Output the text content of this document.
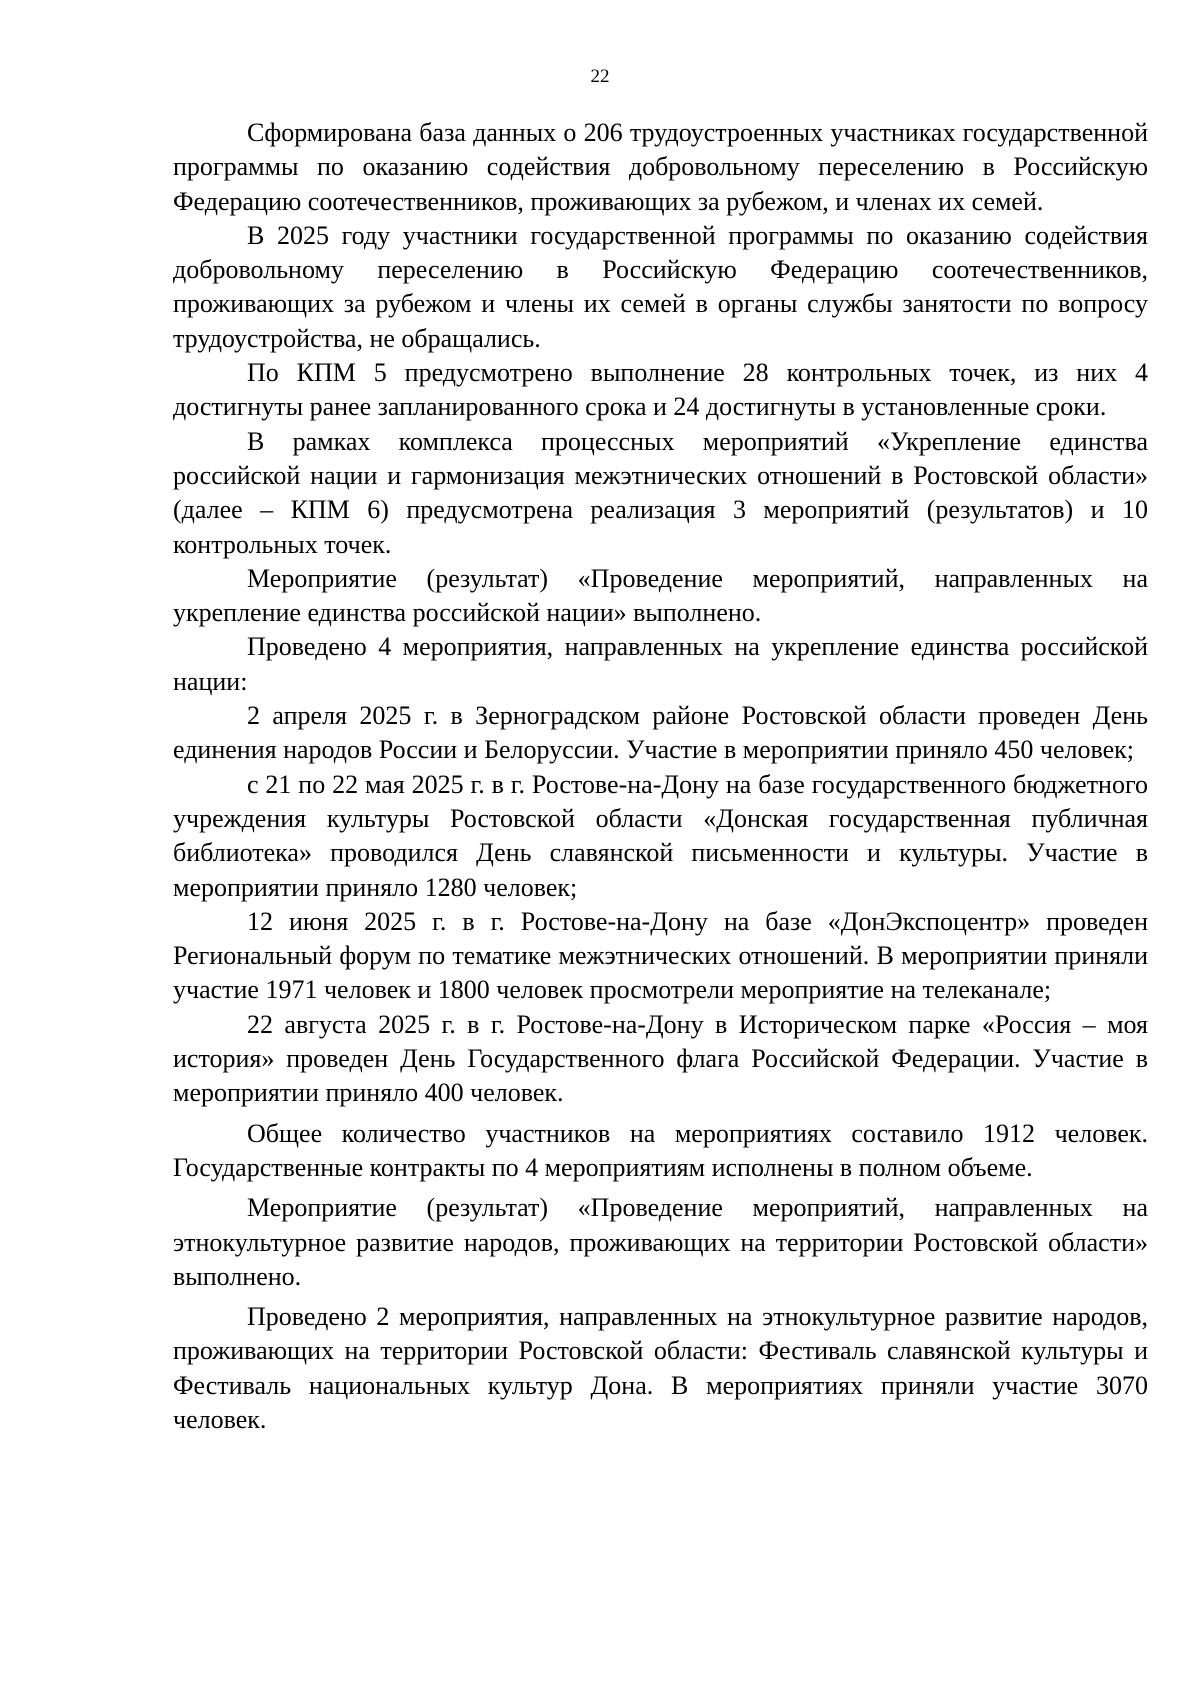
22

Сформирована база данных о 206 трудоустроенных участниках государственной программы по оказанию содействия добровольному переселению в Российскую Федерацию соотечественников, проживающих за рубежом, и членах их семей.

В 2025 году участники государственной программы по оказанию содействия добровольному переселению в Российскую Федерацию соотечественников, проживающих за рубежом и члены их семей в органы службы занятости по вопросу трудоустройства, не обращались.

По КПМ 5 предусмотрено выполнение 28 контрольных точек, из них 4 достигнуты ранее запланированного срока и 24 достигнуты в установленные сроки.

В рамках комплекса процессных мероприятий «Укрепление единства российской нации и гармонизация межэтнических отношений в Ростовской области» (далее – КПМ 6) предусмотрена реализация 3 мероприятий (результатов) и 10 контрольных точек.

Мероприятие (результат) «Проведение мероприятий, направленных на укрепление единства российской нации» выполнено.

Проведено 4 мероприятия, направленных на укрепление единства российской нации:

2 апреля 2025 г. в Зерноградском районе Ростовской области проведен День единения народов России и Белоруссии. Участие в мероприятии приняло 450 человек;

с 21 по 22 мая 2025 г. в г. Ростове-на-Дону на базе государственного бюджетного учреждения культуры Ростовской области «Донская государственная публичная библиотека» проводился День славянской письменности и культуры. Участие в мероприятии приняло 1280 человек;

12 июня 2025 г. в г. Ростове-на-Дону на базе «ДонЭкспоцентр» проведен Региональный форум по тематике межэтнических отношений. В мероприятии приняли участие 1971 человек и 1800 человек просмотрели мероприятие на телеканале;

22 августа 2025 г. в г. Ростове-на-Дону в Историческом парке «Россия – моя история» проведен День Государственного флага Российской Федерации. Участие в мероприятии приняло 400 человек.

Общее количество участников на мероприятиях составило 1912 человек. Государственные контракты по 4 мероприятиям исполнены в полном объеме.

Мероприятие (результат) «Проведение мероприятий, направленных на этнокультурное развитие народов, проживающих на территории Ростовской области» выполнено.

Проведено 2 мероприятия, направленных на этнокультурное развитие народов, проживающих на территории Ростовской области: Фестиваль славянской культуры и Фестиваль национальных культур Дона. В мероприятиях приняли участие 3070 человек.
